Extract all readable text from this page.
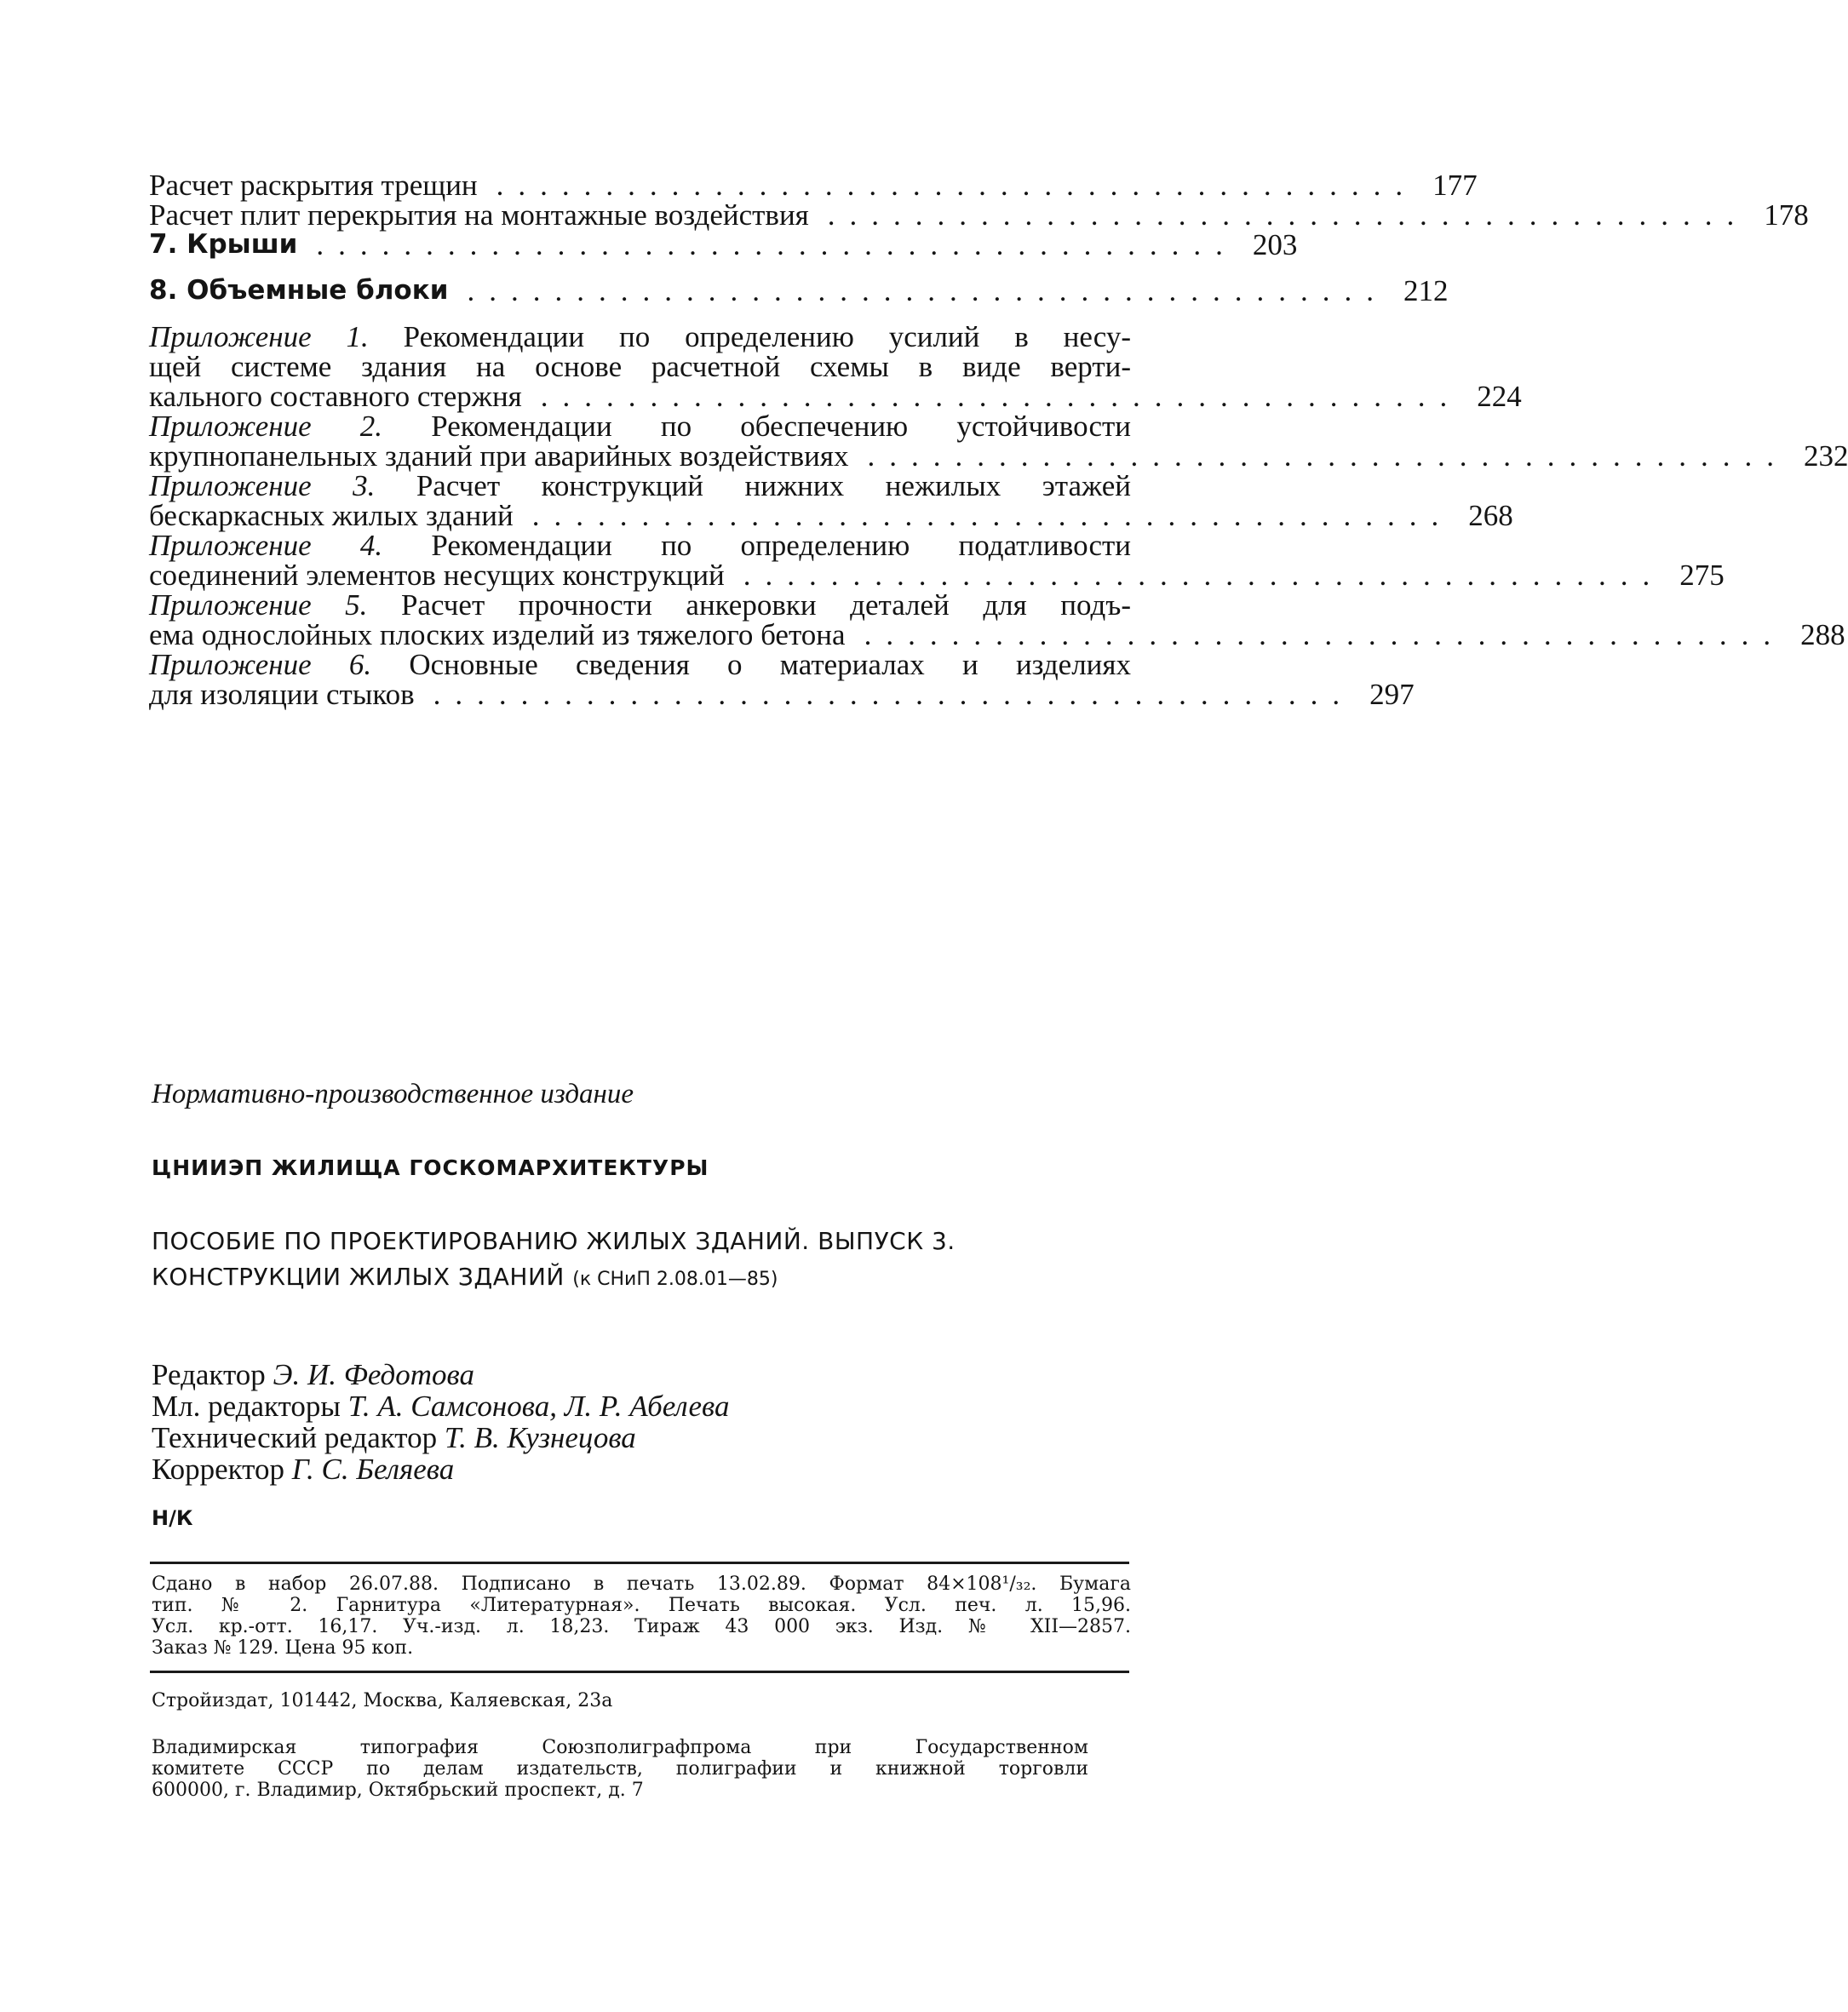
Расчет раскрытия трещин .......................................... 177
Расчет плит перекрытия на монтажные воздействия .......................................... 178
7. Крыши .......................................... 203
8. Объемные блоки .......................................... 212
Приложение 1. Рекомендации по определению усилий в несу-
щей системе здания на основе расчетной схемы в виде верти-
кального составного стержня .......................................... 224
Приложение 2. Рекомендации по обеспечению устойчивости
крупнопанельных зданий при аварийных воздействиях .......................................... 232
Приложение 3. Расчет конструкций нижних нежилых этажей
бескаркасных жилых зданий .......................................... 268
Приложение 4. Рекомендации по определению податливости
соединений элементов несущих конструкций .......................................... 275
Приложение 5. Расчет прочности анкеровки деталей для подъ-
ема однослойных плоских изделий из тяжелого бетона .......................................... 288
Приложение 6. Основные сведения о материалах и изделиях
для изоляции стыков .......................................... 297
Нормативно-производственное издание
ЦНИИЭП ЖИЛИЩА ГОСКОМАРХИТЕКТУРЫ
ПОСОБИЕ ПО ПРОЕКТИРОВАНИЮ ЖИЛЫХ ЗДАНИЙ. ВЫПУСК 3.
КОНСТРУКЦИИ ЖИЛЫХ ЗДАНИЙ (к СНиП 2.08.01—85)
Редактор Э. И. Федотова
Мл. редакторы Т. А. Самсонова, Л. Р. Абелева
Технический редактор Т. В. Кузнецова
Корректор Г. С. Беляева
Н/К
Сдано в набор 26.07.88. Подписано в печать 13.02.89. Формат 84×108¹/₃₂. Бумага
тип. № 2. Гарнитура «Литературная». Печать высокая. Усл. печ. л. 15,96.
Усл. кр.-отт. 16,17. Уч.-изд. л. 18,23. Тираж 43 000 экз. Изд. № XII—2857.
Заказ № 129. Цена 95 коп.
Стройиздат, 101442, Москва, Каляевская, 23а
Владимирская типография Союзполиграфпрома при Государственном
комитете СССР по делам издательств, полиграфии и книжной торговли
600000, г. Владимир, Октябрьский проспект, д. 7
